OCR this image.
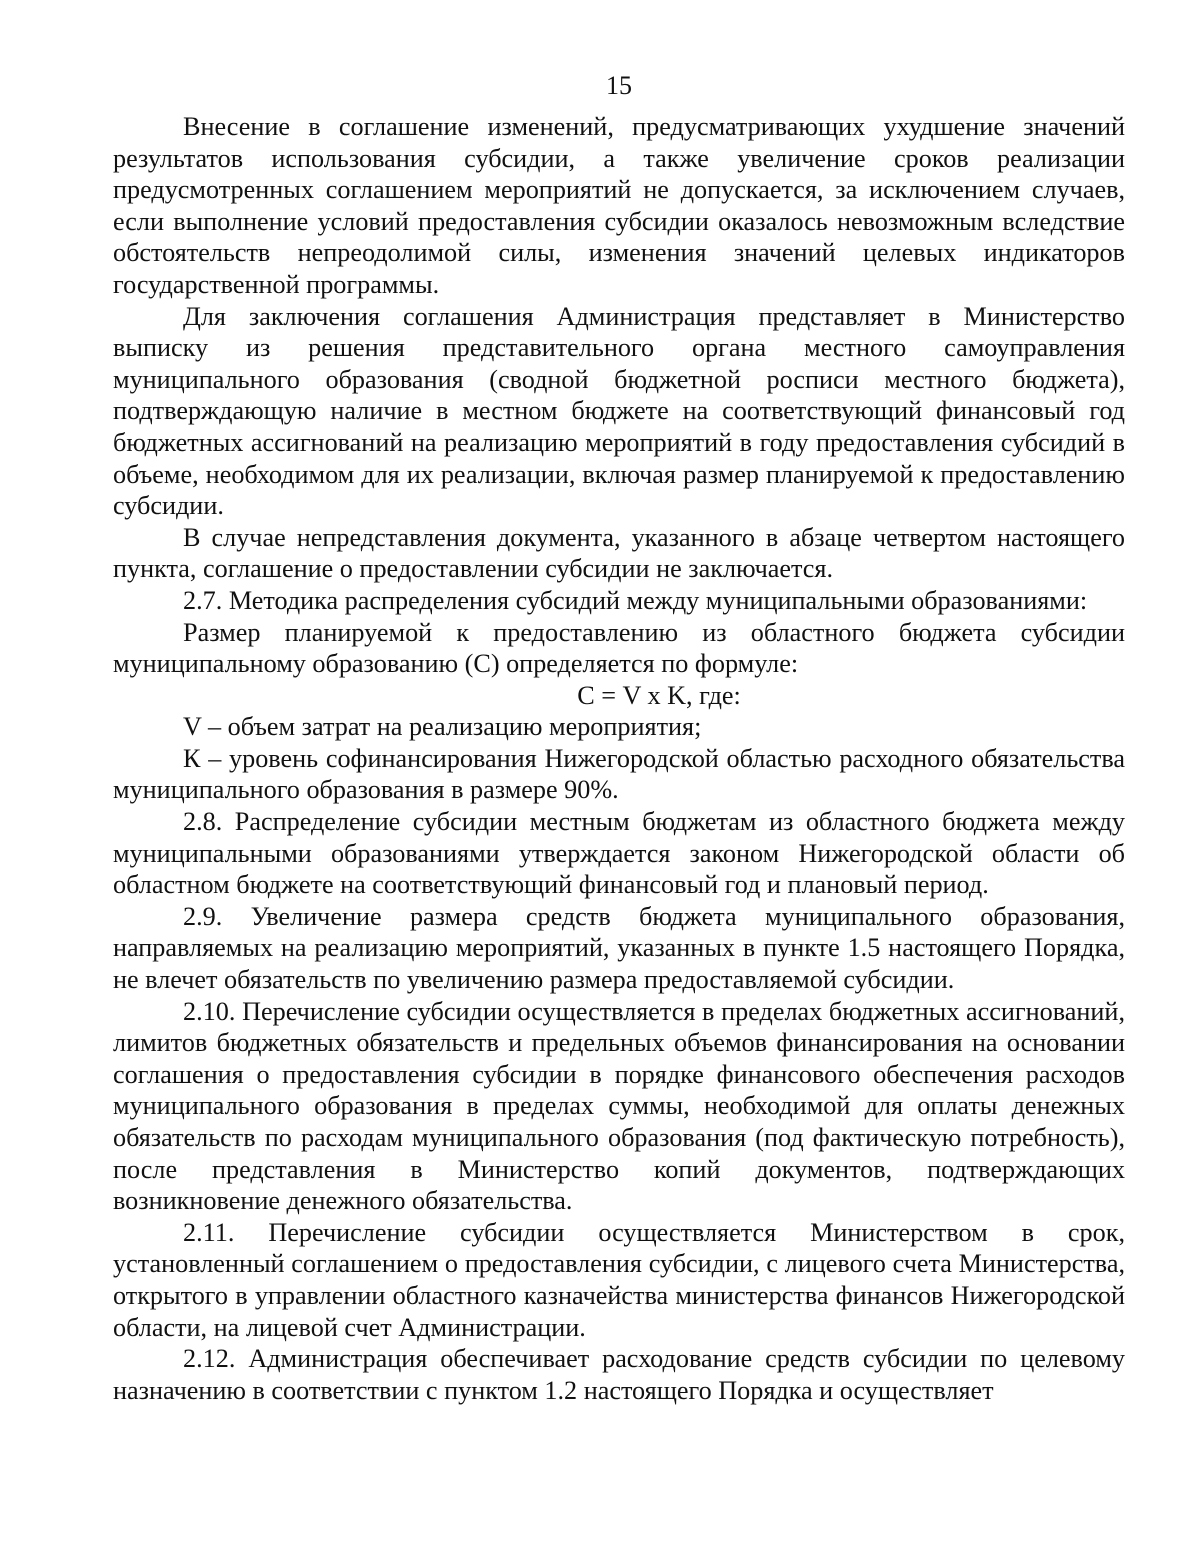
15

Внесение в соглашение изменений, предусматривающих ухудшение значений результатов использования субсидии, а также увеличение сроков реализации предусмотренных соглашением мероприятий не допускается, за исключением случаев, если выполнение условий предоставления субсидии оказалось невозможным вследствие обстоятельств непреодолимой силы, изменения значений целевых индикаторов государственной программы.

Для заключения соглашения Администрация представляет в Министерство выписку из решения представительного органа местного самоуправления муниципального образования (сводной бюджетной росписи местного бюджета), подтверждающую наличие в местном бюджете на соответствующий финансовый год бюджетных ассигнований на реализацию мероприятий в году предоставления субсидий в объеме, необходимом для их реализации, включая размер планируемой к предоставлению субсидии.

В случае непредставления документа, указанного в абзаце четвертом настоящего пункта, соглашение о предоставлении субсидии не заключается.

2.7. Методика распределения субсидий между муниципальными образованиями:

Размер планируемой к предоставлению из областного бюджета субсидии муниципальному образованию (С) определяется по формуле:

С = V x K, где:

V – объем затрат на реализацию мероприятия;

К – уровень софинансирования Нижегородской областью расходного обязательства муниципального образования в размере 90%.

2.8. Распределение субсидии местным бюджетам из областного бюджета между муниципальными образованиями утверждается законом Нижегородской области об областном бюджете на соответствующий финансовый год и плановый период.

2.9. Увеличение размера средств бюджета муниципального образования, направляемых на реализацию мероприятий, указанных в пункте 1.5 настоящего Порядка, не влечет обязательств по увеличению размера предоставляемой субсидии.

2.10. Перечисление субсидии осуществляется в пределах бюджетных ассигнований, лимитов бюджетных обязательств и предельных объемов финансирования на основании соглашения о предоставления субсидии в порядке финансового обеспечения расходов муниципального образования в пределах суммы, необходимой для оплаты денежных обязательств по расходам муниципального образования (под фактическую потребность), после представления в Министерство копий документов, подтверждающих возникновение денежного обязательства.

2.11. Перечисление субсидии осуществляется Министерством в срок, установленный соглашением о предоставления субсидии, с лицевого счета Министерства, открытого в управлении областного казначейства министерства финансов Нижегородской области, на лицевой счет Администрации.

2.12. Администрация обеспечивает расходование средств субсидии по целевому назначению в соответствии с пунктом 1.2 настоящего Порядка и осуществляет
